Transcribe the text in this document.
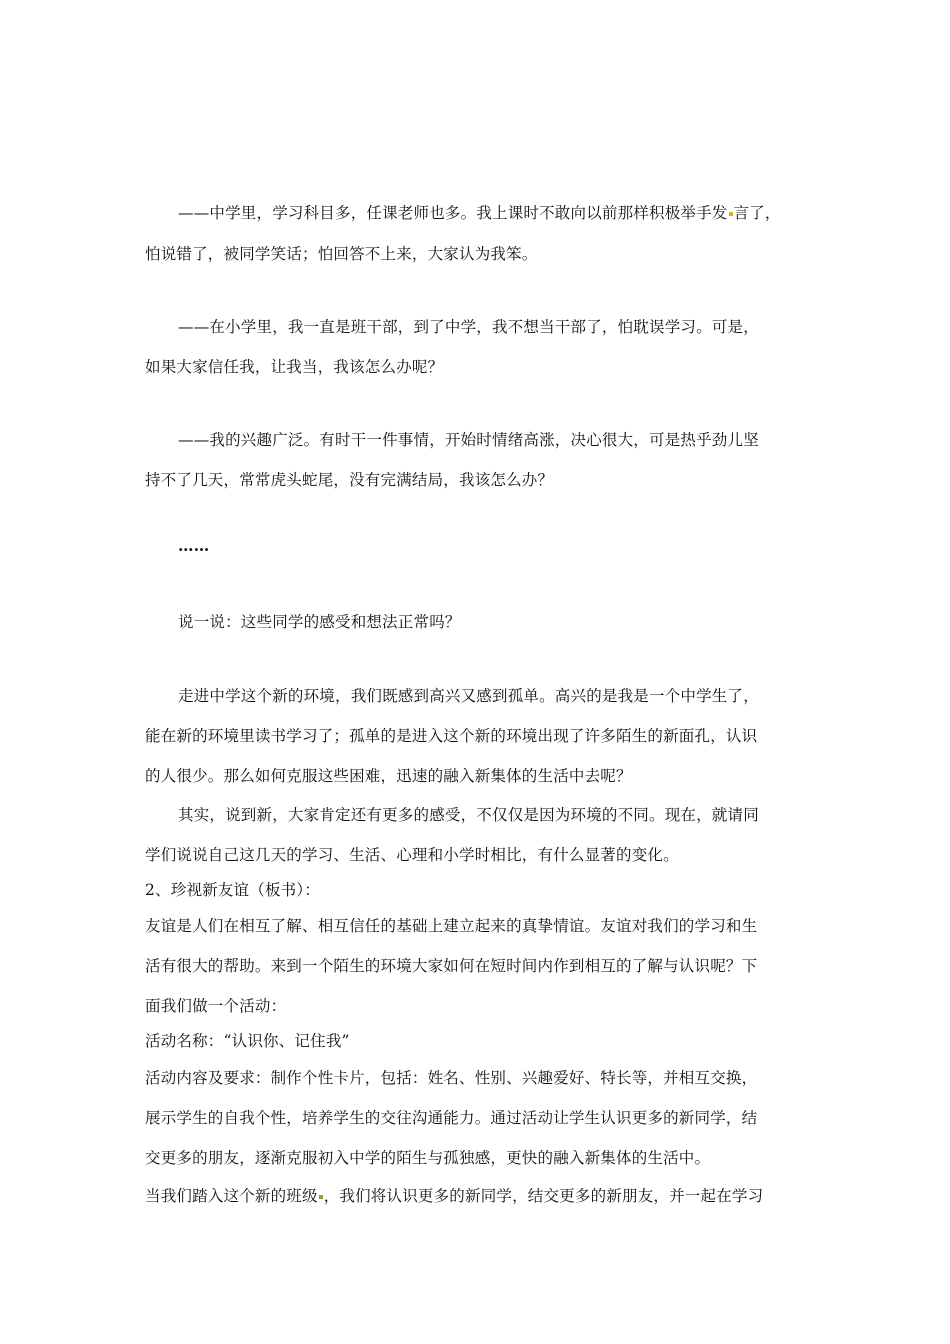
——中学里，学习科目多，任课老师也多。我上课时不敢向以前那样积极举手发 言了，
怕说错了，被同学笑话；怕回答不上来，大家认为我笨。
——在小学里，我一直是班干部，到了中学，我不想当干部了，怕耽误学习。可是，
如果大家信任我，让我当，我该怎么办呢？
——我的兴趣广泛。有时干一件事情，开始时情绪高涨，决心很大，可是热乎劲儿坚
持不了几天，常常虎头蛇尾，没有完满结局，我该怎么办？
……
说一说：这些同学的感受和想法正常吗？
走进中学这个新的环境，我们既感到高兴又感到孤单。高兴的是我是一个中学生了，
能在新的环境里读书学习了；孤单的是进入这个新的环境出现了许多陌生的新面孔，认识
的人很少。那么如何克服这些困难，迅速的融入新集体的生活中去呢？
其实，说到新，大家肯定还有更多的感受，不仅仅是因为环境的不同。现在，就请同
学们说说自己这几天的学习、生活、心理和小学时相比，有什么显著的变化。
2、珍视新友谊（板书）：
友谊是人们在相互了解、相互信任的基础上建立起来的真挚情谊。友谊对我们的学习和生
活有很大的帮助。来到一个陌生的环境大家如何在短时间内作到相互的了解与认识呢？下
面我们做一个活动：
活动名称：“认识你、记住我”
活动内容及要求：制作个性卡片，包括：姓名、性别、兴趣爱好、特长等，并相互交换，
展示学生的自我个性，培养学生的交往沟通能力。通过活动让学生认识更多的新同学，结
交更多的朋友，逐渐克服初入中学的陌生与孤独感，更快的融入新集体的生活中。
当我们踏入这个新的班级 ，我们将认识更多的新同学，结交更多的新朋友，并一起在学习
